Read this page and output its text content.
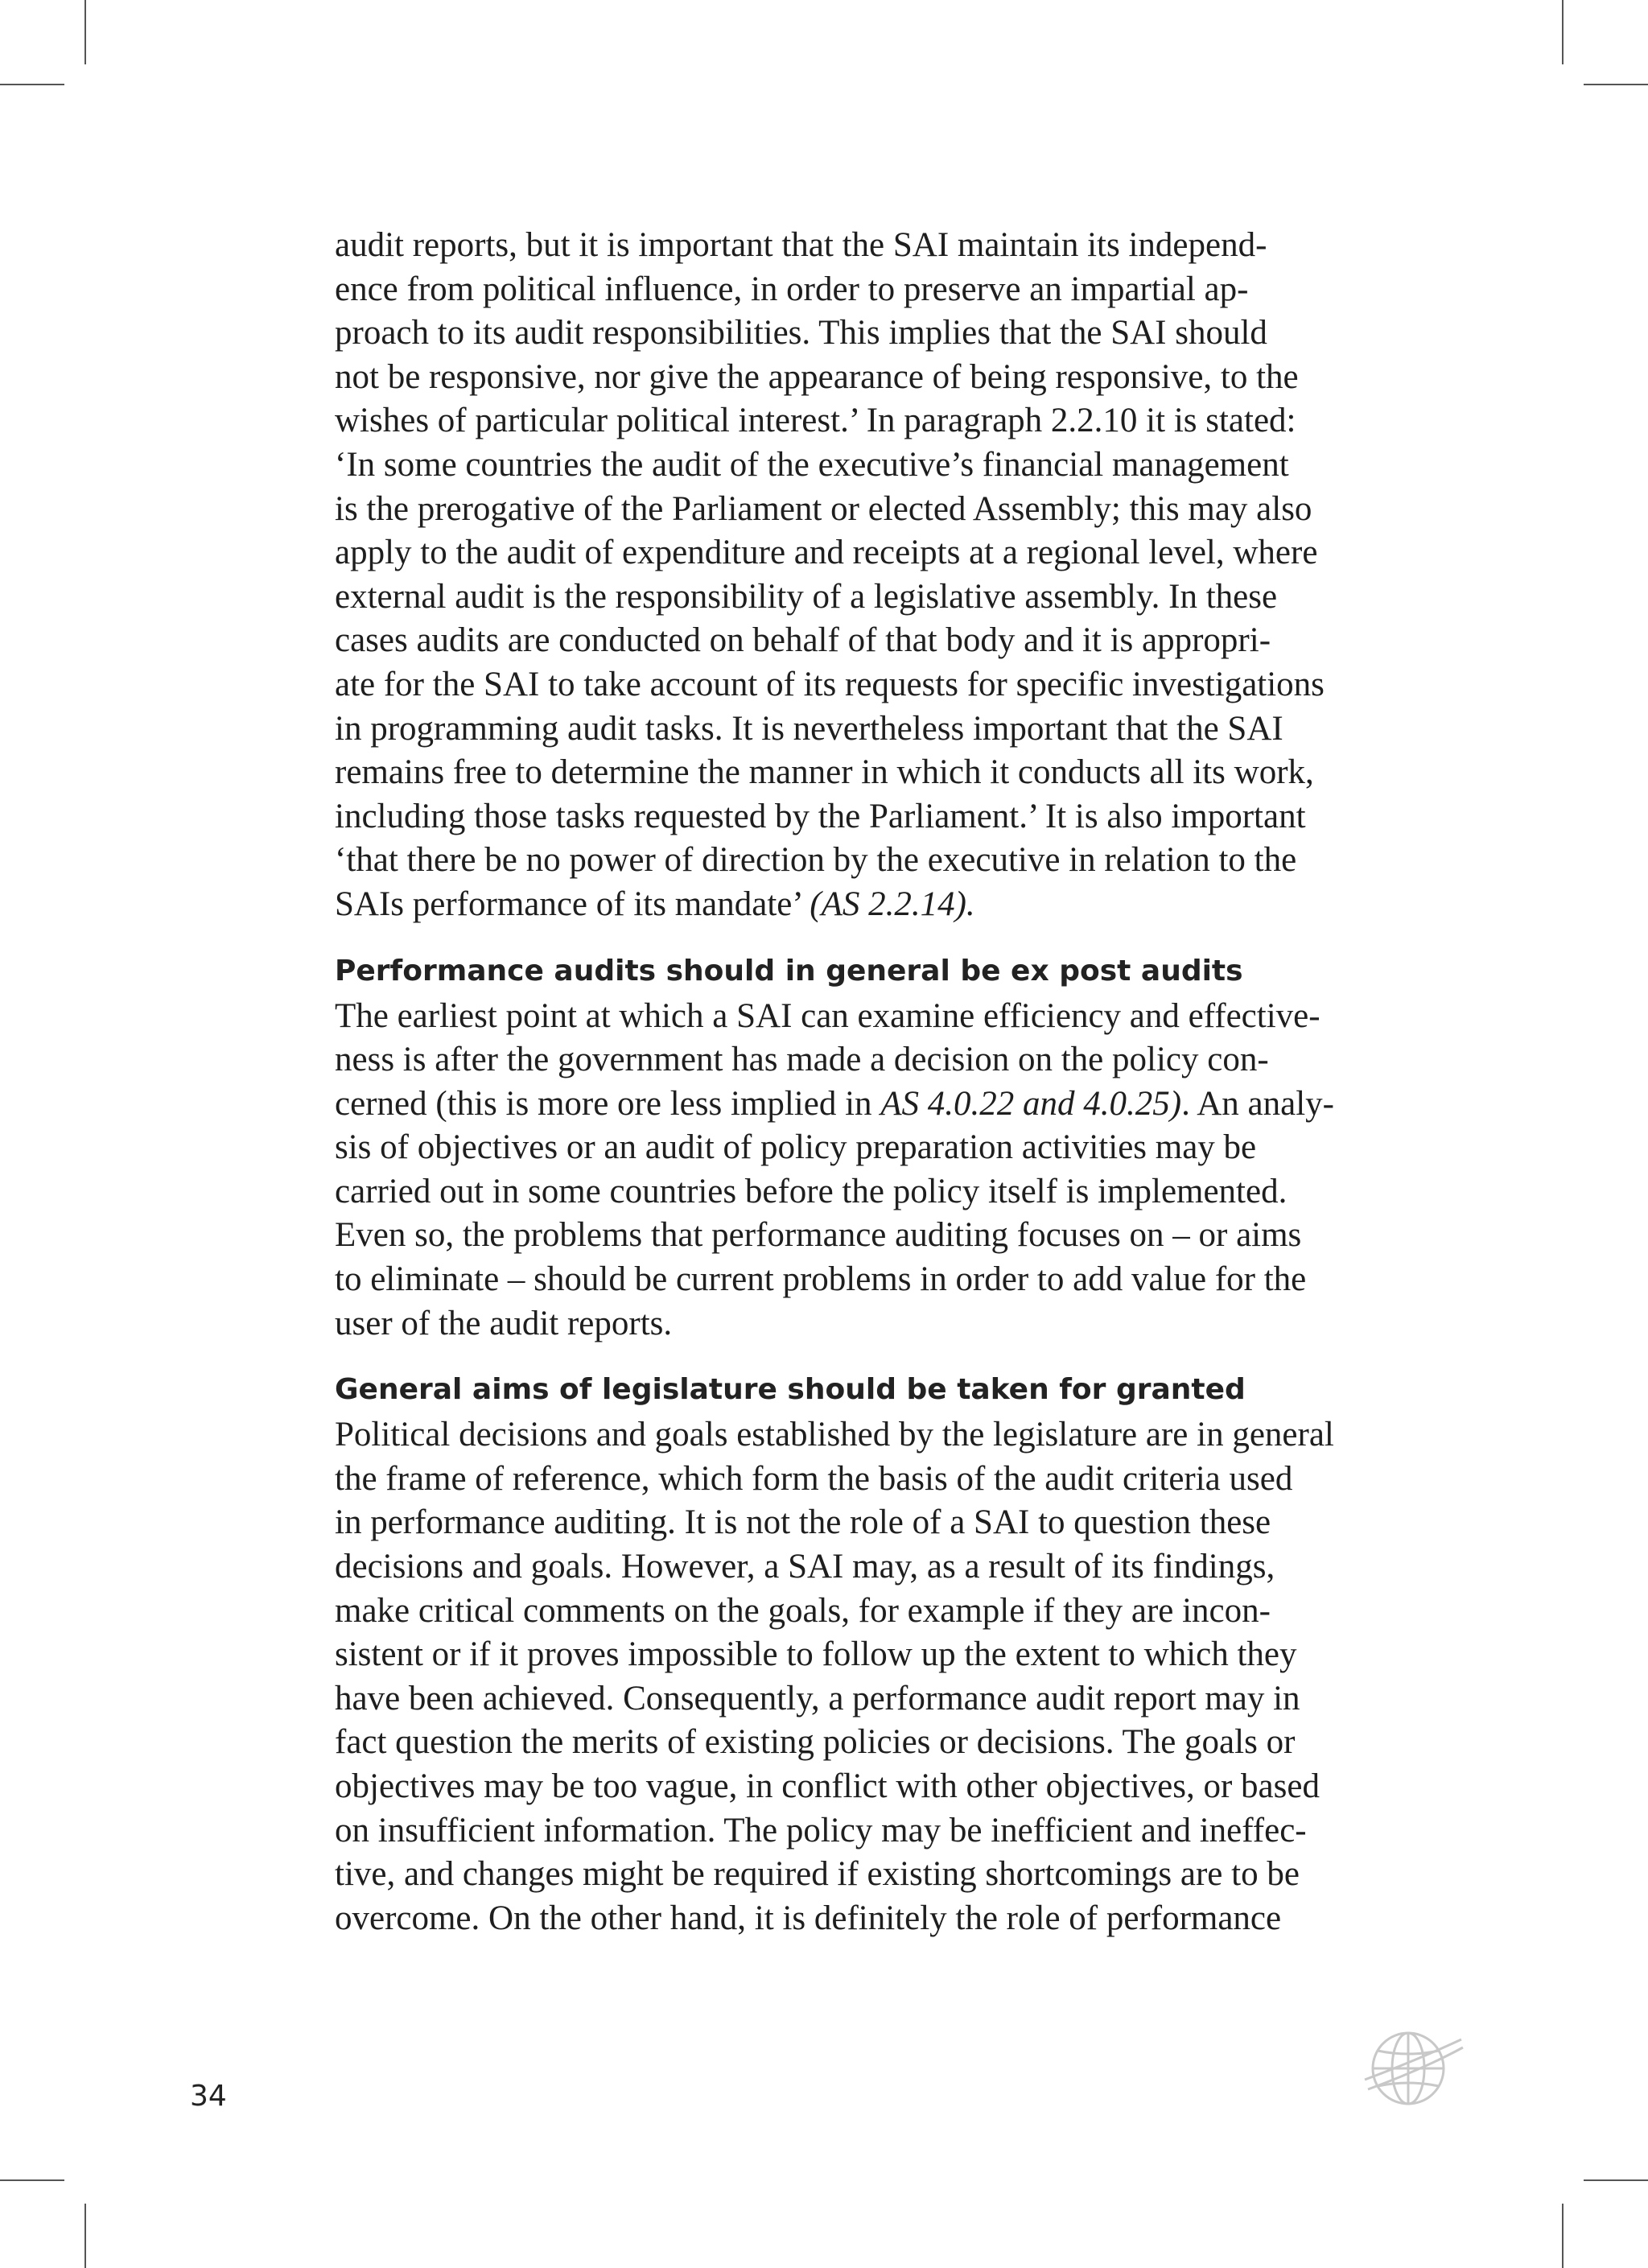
audit reports, but it is important that the SAI maintain its independ-
ence from political influence, in order to preserve an impartial ap-
proach to its audit responsibilities. This implies that the SAI should
not be responsive, nor give the appearance of being responsive, to the
wishes of particular political interest.’ In paragraph 2.2.10 it is stated:
‘In some countries the audit of the executive’s financial management
is the prerogative of the Parliament or elected Assembly; this may also
apply to the audit of expenditure and receipts at a regional level, where
external audit is the responsibility of a legislative assembly. In these
cases audits are conducted on behalf of that body and it is appropri-
ate for the SAI to take account of its requests for specific investigations
in programming audit tasks. It is nevertheless important that the SAI
remains free to determine the manner in which it conducts all its work,
including those tasks requested by the Parliament.’ It is also important
‘that there be no power of direction by the executive in relation to the
SAIs performance of its mandate’ (AS 2.2.14).

Performance audits should in general be ex post audits

The earliest point at which a SAI can examine efficiency and effective-
ness is after the government has made a decision on the policy con-
cerned (this is more ore less implied in AS 4.0.22 and 4.0.25). An analy-
sis of objectives or an audit of policy preparation activities may be
carried out in some countries before the policy itself is implemented.
Even so, the problems that performance auditing focuses on – or aims
to eliminate – should be current problems in order to add value for the
user of the audit reports.

General aims of legislature should be taken for granted

Political decisions and goals established by the legislature are in general
the frame of reference, which form the basis of the audit criteria used
in performance auditing. It is not the role of a SAI to question these
decisions and goals. However, a SAI may, as a result of its findings,
make critical comments on the goals, for example if they are incon-
sistent or if it proves impossible to follow up the extent to which they
have been achieved. Consequently, a performance audit report may in
fact question the merits of existing policies or decisions. The goals or
objectives may be too vague, in conflict with other objectives, or based
on insufficient information. The policy may be inefficient and ineffec-
tive, and changes might be required if existing shortcomings are to be
overcome. On the other hand, it is definitely the role of performance

34
